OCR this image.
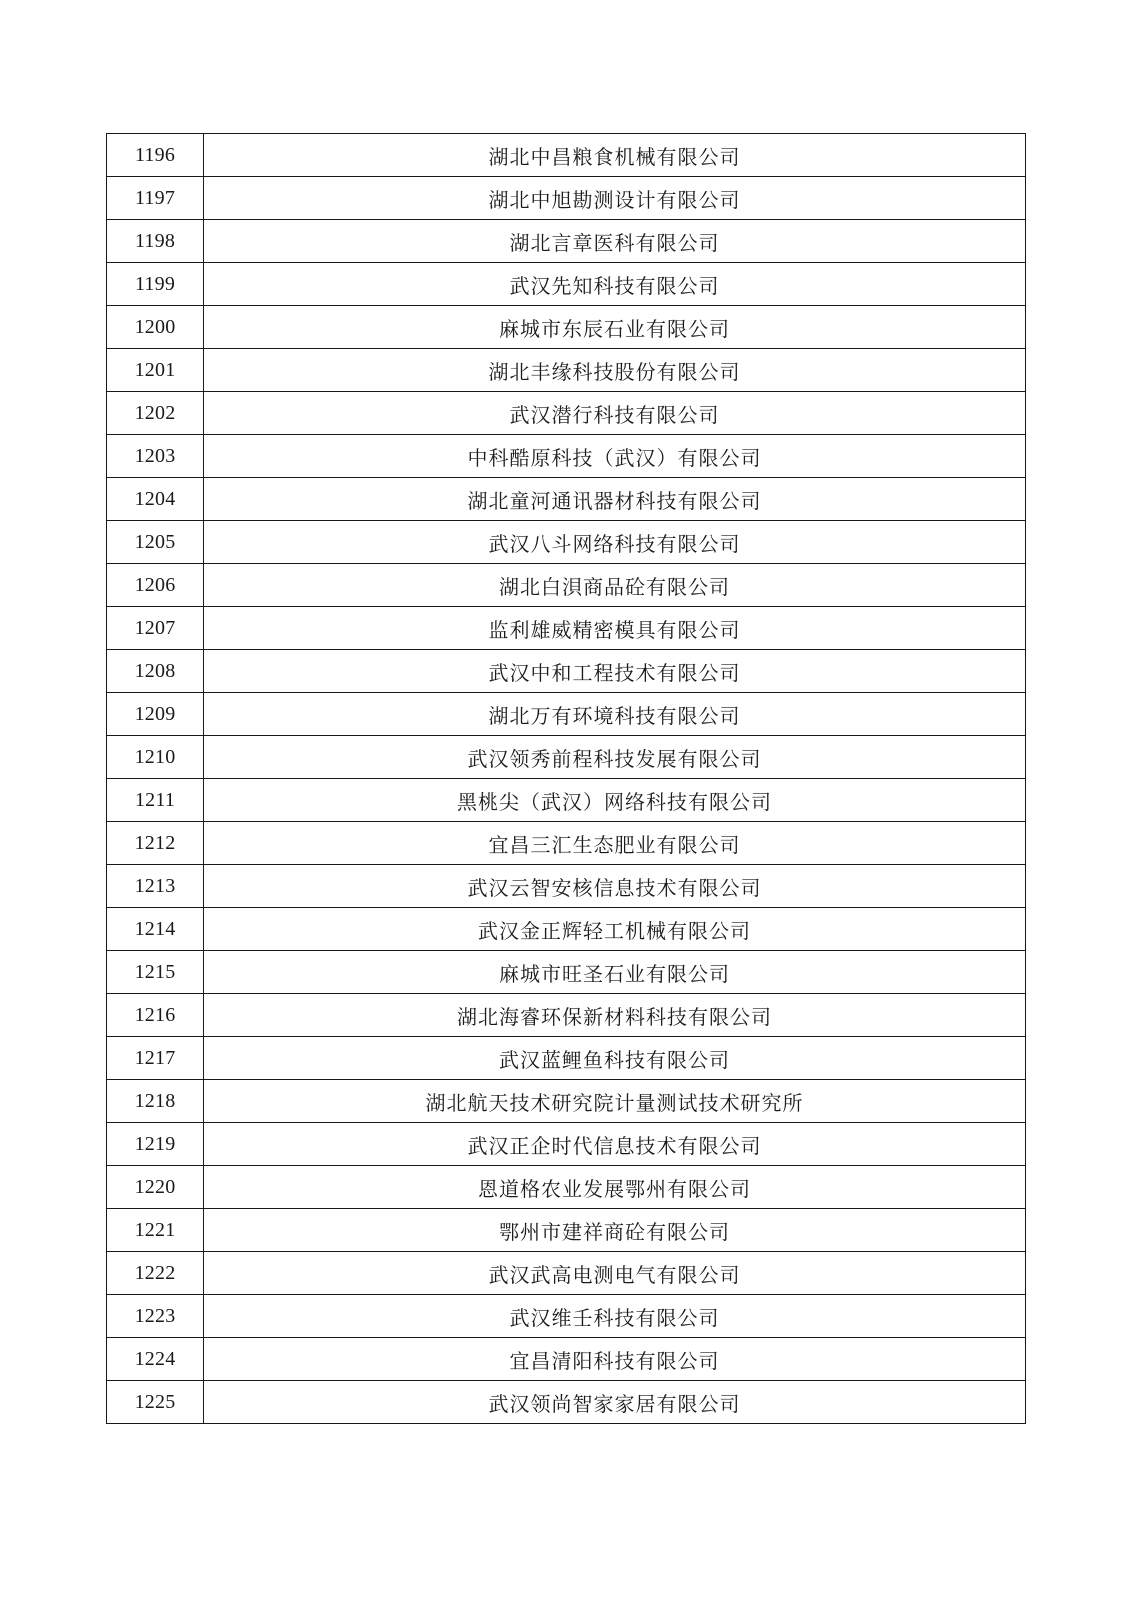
1196	湖北中昌粮食机械有限公司
1197	湖北中旭勘测设计有限公司
1198	湖北言章医科有限公司
1199	武汉先知科技有限公司
1200	麻城市东辰石业有限公司
1201	湖北丰缘科技股份有限公司
1202	武汉潜行科技有限公司
1203	中科酷原科技（武汉）有限公司
1204	湖北童河通讯器材科技有限公司
1205	武汉八斗网络科技有限公司
1206	湖北白浿商品砼有限公司
1207	监利雄威精密模具有限公司
1208	武汉中和工程技术有限公司
1209	湖北万有环境科技有限公司
1210	武汉领秀前程科技发展有限公司
1211	黑桃尖（武汉）网络科技有限公司
1212	宜昌三汇生态肥业有限公司
1213	武汉云智安核信息技术有限公司
1214	武汉金正辉轻工机械有限公司
1215	麻城市旺圣石业有限公司
1216	湖北海睿环保新材料科技有限公司
1217	武汉蓝鲤鱼科技有限公司
1218	湖北航天技术研究院计量测试技术研究所
1219	武汉正企时代信息技术有限公司
1220	恩道格农业发展鄂州有限公司
1221	鄂州市建祥商砼有限公司
1222	武汉武高电测电气有限公司
1223	武汉维壬科技有限公司
1224	宜昌清阳科技有限公司
1225	武汉领尚智家家居有限公司
